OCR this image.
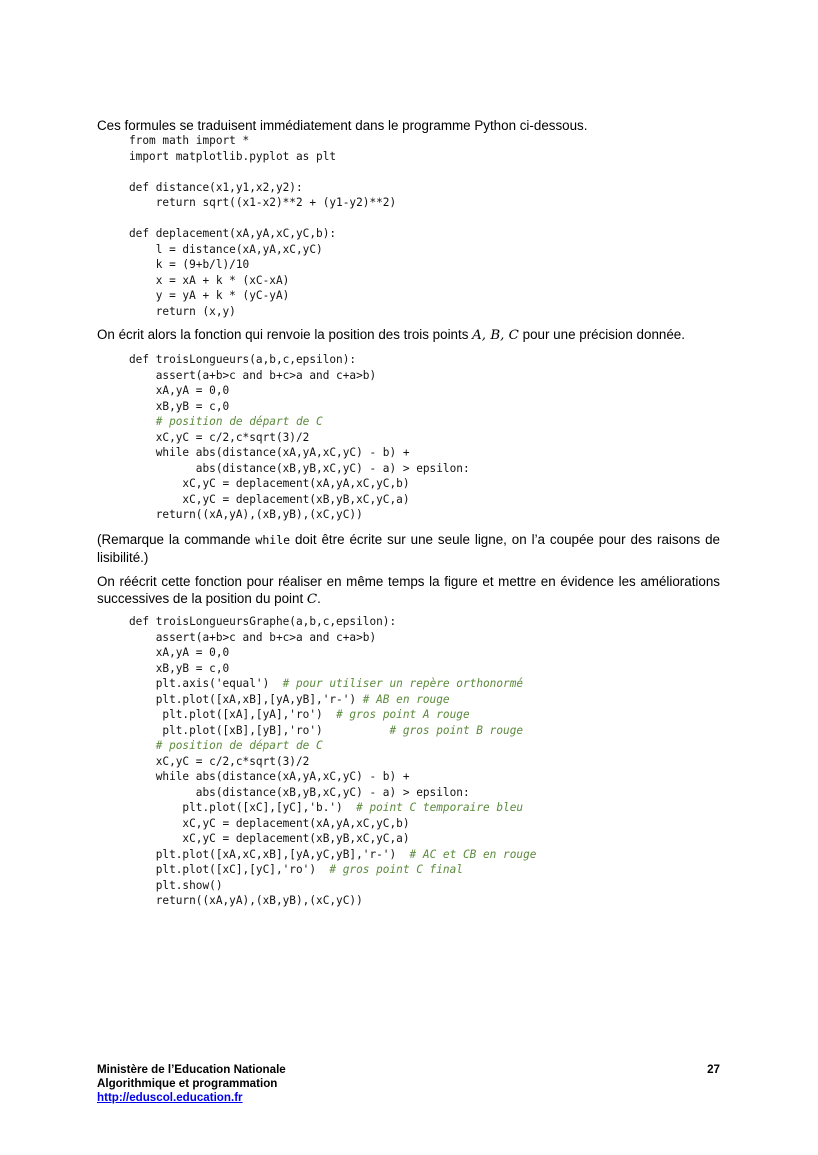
Ces formules se traduisent immédiatement dans le programme Python ci-dessous.
from math import *
import matplotlib.pyplot as plt
def distance(x1,y1,x2,y2):
return sqrt((x1-x2)**2 + (y1-y2)**2)
def deplacement(xA,yA,xC,yC,b):
l = distance(xA,yA,xC,yC)
k = (9+b/l)/10
x = xA + k * (xC-xA)
y = yA + k * (yC-yA)
return (x,y)
On écrit alors la fonction qui renvoie la position des trois points A, B, C pour une précision donnée.
def troisLongueurs(a,b,c,epsilon):
assert(a+b>c and b+c>a and c+a>b)
xA,yA = 0,0
xB,yB = c,0
# position de départ de C
xC,yC = c/2,c*sqrt(3)/2
while abs(distance(xA,yA,xC,yC) - b) +
abs(distance(xB,yB,xC,yC) - a) > epsilon:
xC,yC = deplacement(xA,yA,xC,yC,b)
xC,yC = deplacement(xB,yB,xC,yC,a)
return((xA,yA),(xB,yB),(xC,yC))
(Remarque la commande while doit être écrite sur une seule ligne, on l’a coupée pour des raisons de lisibilité.)
On réécrit cette fonction pour réaliser en même temps la figure et mettre en évidence les améliorations successives de la position du point C.
def troisLongueursGraphe(a,b,c,epsilon):
assert(a+b>c and b+c>a and c+a>b)
xA,yA = 0,0
xB,yB = c,0
plt.axis('equal')  # pour utiliser un repère orthonormé
plt.plot([xA,xB],[yA,yB],'r-') # AB en rouge
plt.plot([xA],[yA],'ro')  # gros point A rouge
plt.plot([xB],[yB],'ro')          # gros point B rouge
# position de départ de C
xC,yC = c/2,c*sqrt(3)/2
while abs(distance(xA,yA,xC,yC) - b) +
abs(distance(xB,yB,xC,yC) - a) > epsilon:
plt.plot([xC],[yC],'b.')  # point C temporaire bleu
xC,yC = deplacement(xA,yA,xC,yC,b)
xC,yC = deplacement(xB,yB,xC,yC,a)
plt.plot([xA,xC,xB],[yA,yC,yB],'r-')  # AC et CB en rouge
plt.plot([xC],[yC],'ro')  # gros point C final
plt.show()
return((xA,yA),(xB,yB),(xC,yC))
Ministère de l’Education Nationale
Algorithmique et programmation
http://eduscol.education.fr
27
